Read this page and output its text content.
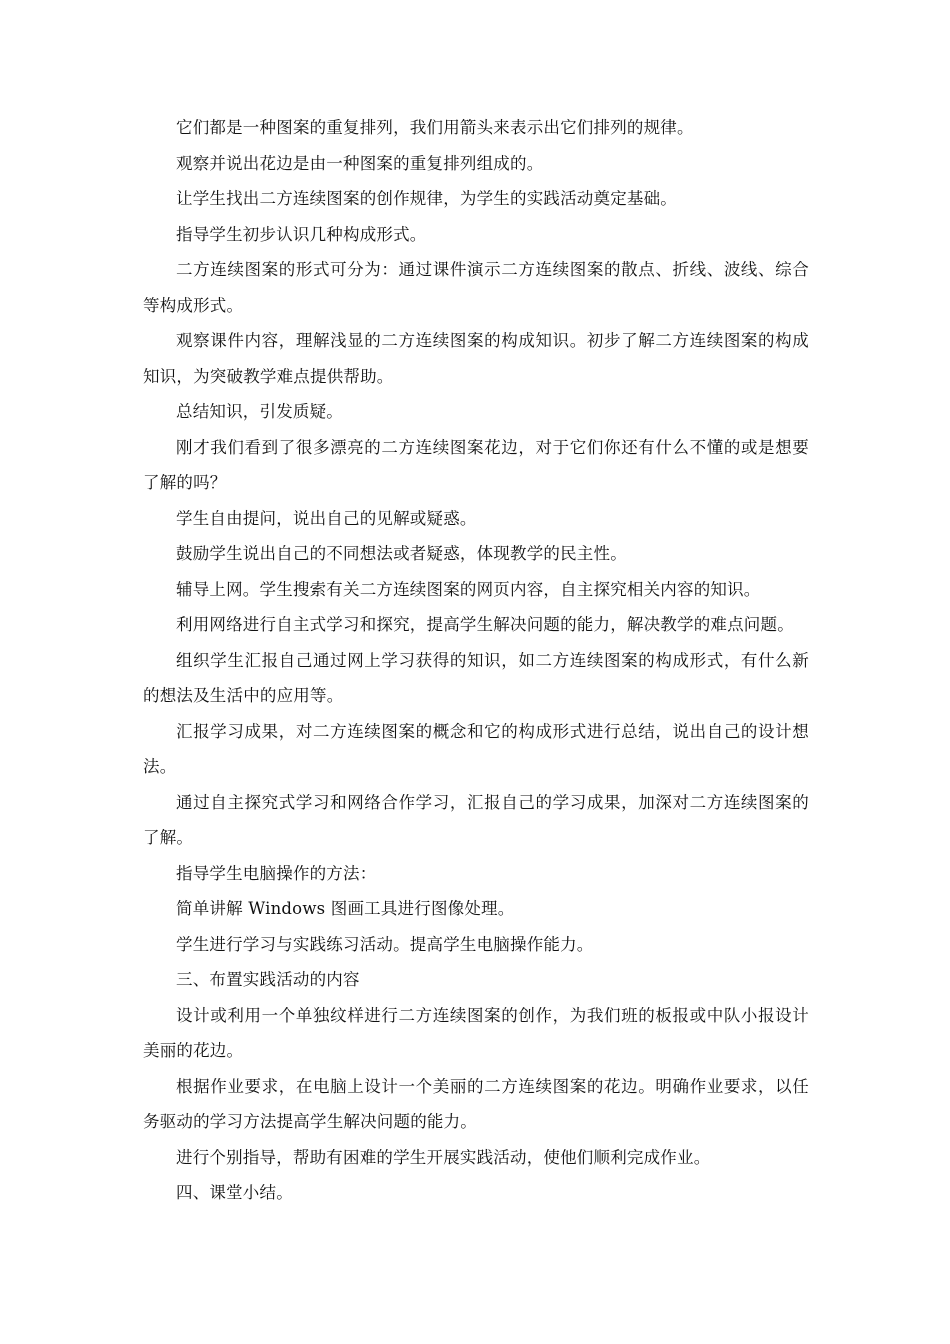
它们都是一种图案的重复排列，我们用箭头来表示出它们排列的规律。

观察并说出花边是由一种图案的重复排列组成的。

让学生找出二方连续图案的创作规律，为学生的实践活动奠定基础。

指导学生初步认识几种构成形式。

二方连续图案的形式可分为：通过课件演示二方连续图案的散点、折线、波线、综合等构成形式。

观察课件内容，理解浅显的二方连续图案的构成知识。初步了解二方连续图案的构成知识，为突破教学难点提供帮助。

总结知识，引发质疑。

刚才我们看到了很多漂亮的二方连续图案花边，对于它们你还有什么不懂的或是想要了解的吗？

学生自由提问，说出自己的见解或疑惑。

鼓励学生说出自己的不同想法或者疑惑，体现教学的民主性。

辅导上网。学生搜索有关二方连续图案的网页内容，自主探究相关内容的知识。

利用网络进行自主式学习和探究，提高学生解决问题的能力，解决教学的难点问题。

组织学生汇报自己通过网上学习获得的知识，如二方连续图案的构成形式，有什么新的想法及生活中的应用等。

汇报学习成果，对二方连续图案的概念和它的构成形式进行总结，说出自己的设计想法。

通过自主探究式学习和网络合作学习，汇报自己的学习成果，加深对二方连续图案的了解。

指导学生电脑操作的方法：

简单讲解 Windows 图画工具进行图像处理。

学生进行学习与实践练习活动。提高学生电脑操作能力。

三、布置实践活动的内容

设计或利用一个单独纹样进行二方连续图案的创作，为我们班的板报或中队小报设计美丽的花边。

根据作业要求，在电脑上设计一个美丽的二方连续图案的花边。明确作业要求，以任务驱动的学习方法提高学生解决问题的能力。

进行个别指导，帮助有困难的学生开展实践活动，使他们顺利完成作业。

四、课堂小结。
